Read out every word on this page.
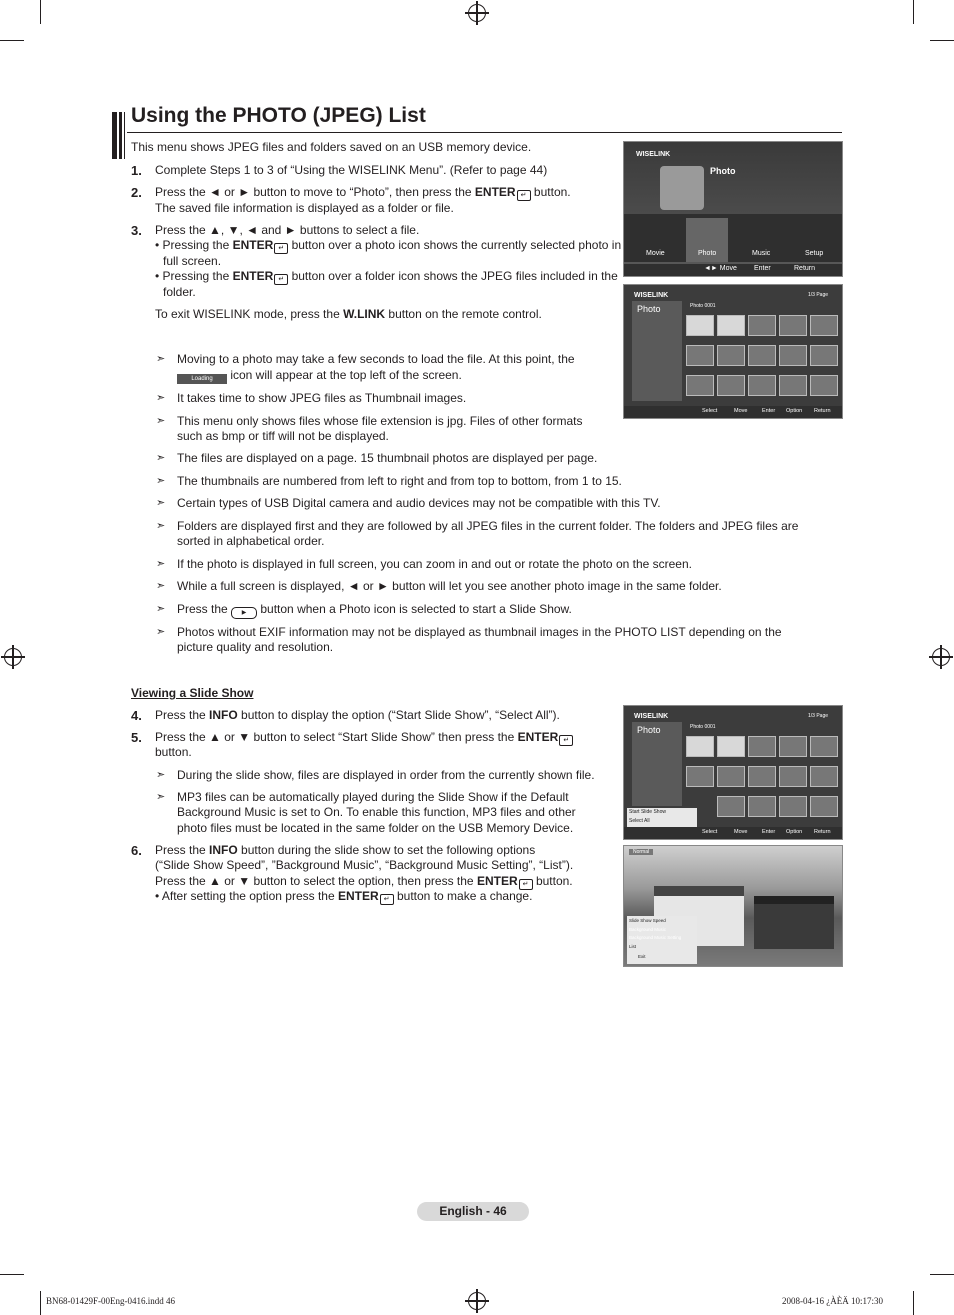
Using the PHOTO (JPEG) List
This menu shows JPEG files and folders saved on an USB memory device.
1. Complete Steps 1 to 3 of “Using the WISELINK Menu”. (Refer to page 44)
2. Press the ◄ or ► button to move to “Photo”, then press the ENTER ↵ button.
The saved file information is displayed as a folder or file.
3. Press the ▲, ▼, ◄ and ► buttons to select a file.
• Pressing the ENTER ↵ button over a photo icon shows the currently selected photo in
full screen.
• Pressing the ENTER ↵ button over a folder icon shows the JPEG files included in the
folder.
To exit WISELINK mode, press the W.LINK button on the remote control.
➣ Moving to a photo may take a few seconds to load the file. At this point, the
Loading icon will appear at the top left of the screen.
➣ It takes time to show JPEG files as Thumbnail images.
➣ This menu only shows files whose file extension is jpg. Files of other formats
such as bmp or tiff will not be displayed.
➣ The files are displayed on a page. 15 thumbnail photos are displayed per page.
➣ The thumbnails are numbered from left to right and from top to bottom, from 1 to 15.
➣ Certain types of USB Digital camera and audio devices may not be compatible with this TV.
➣ Folders are displayed first and they are followed by all JPEG files in the current folder. The folders and JPEG files are
sorted in alphabetical order.
➣ If the photo is displayed in full screen, you can zoom in and out or rotate the photo on the screen.
➣ While a full screen is displayed, ◄ or ► button will let you see another photo image in the same folder.
➣ Press the ▶ button when a Photo icon is selected to start a Slide Show.
➣ Photos without EXIF information may not be displayed as thumbnail images in the PHOTO LIST depending on the
picture quality and resolution.
Viewing a Slide Show
4. Press the INFO button to display the option (“Start Slide Show”, “Select All”).
5. Press the ▲ or ▼ button to select “Start Slide Show” then press the ENTER ↵
button.
➣ During the slide show, files are displayed in order from the currently shown file.
➣ MP3 files can be automatically played during the Slide Show if the Default
Background Music is set to On. To enable this function, MP3 files and other
photo files must be located in the same folder on the USB Memory Device.
6. Press the INFO button during the slide show to set the following options
(“Slide Show Speed”, ”Background Music”, “Background Music Setting”, “List”).
Press the ▲ or ▼ button to select the option, then press the ENTER ↵ button.
• After setting the option press the ENTER ↵ button to make a change.
WISELINK
Photo
Movie	Photo	Music	Setup
◄► Move Enter	Return
WISELINK	1/3 Page
Photo	Photo 0001
Select	Move	Enter Option Return
WISELINK	1/3 Page
Photo	Photo 0001
Start Slide Show
Select All
Select	Move	Enter Option Return
Normal
Slide Show Speed
Background Music
Background Music Setting
List
Exit
English - 46
BN68-01429F-00Eng-0416.indd 46	2008-04-16 ¿ÀÈÄ 10:17:30
